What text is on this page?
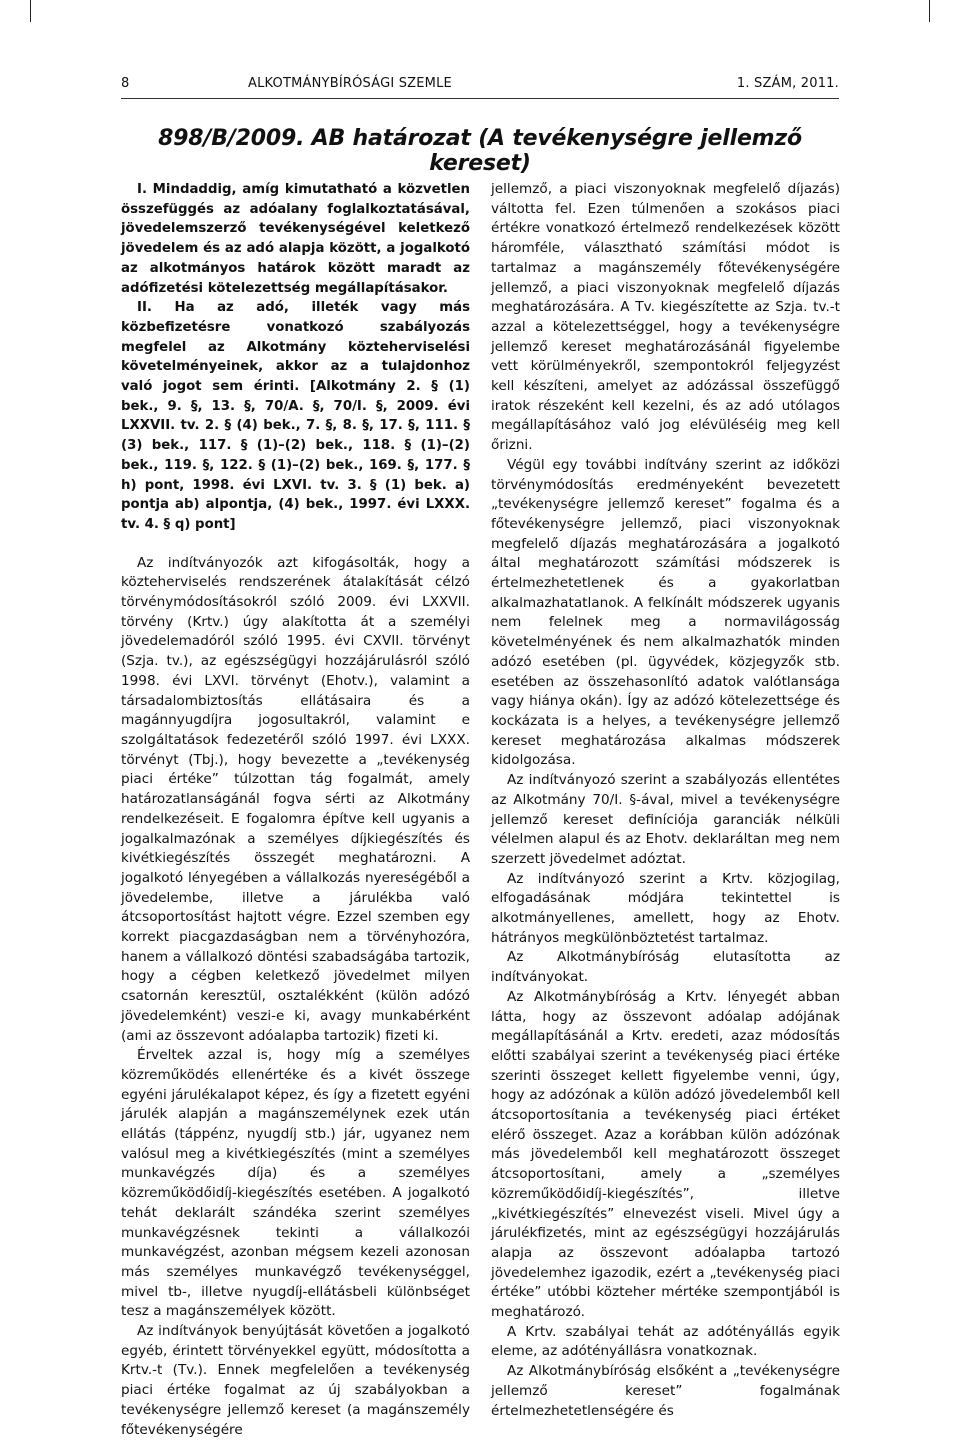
8	ALKOTMÁNYBÍRÓSÁGI SZEMLE	1. SZÁM, 2011.
898/B/2009. AB határozat (A tevékenységre jellemző kereset)

I. Mindaddig, amíg kimutatható a közvetlen összefüggés az adóalany foglalkoztatásával, jövedelemszerző tevékenységével keletkező jövedelem és az adó alapja között, a jogalkotó az alkotmányos határok között maradt az adófizetési kötelezettség megállapításakor.

II. Ha az adó, illeték vagy más közbefizetésre vonatkozó szabályozás megfelel az Alkotmány közteherviselési követelményeinek, akkor az a tulajdonhoz való jogot sem érinti. [Alkotmány 2. § (1) bek., 9. §, 13. §, 70/A. §, 70/I. §, 2009. évi LXXVII. tv. 2. § (4) bek., 7. §, 8. §, 17. §, 111. § (3) bek., 117. § (1)–(2) bek., 118. § (1)–(2) bek., 119. §, 122. § (1)–(2) bek., 169. §, 177. § h) pont, 1998. évi LXVI. tv. 3. § (1) bek. a) pontja ab) alpontja, (4) bek., 1997. évi LXXX. tv. 4. § q) pont]

Az indítványozók azt kifogásolták, hogy a közteherviselés rendszerének átalakítását célzó törvénymódosításokról szóló 2009. évi LXXVII. törvény (Krtv.) úgy alakította át a személyi jövedelemadóról szóló 1995. évi CXVII. törvényt (Szja. tv.), az egészségügyi hozzájárulásról szóló 1998. évi LXVI. törvényt (Ehotv.), valamint a társadalombiztosítás ellátásaira és a magánnyugdíjra jogosultakról, valamint e szolgáltatások fedezetéről szóló 1997. évi LXXX. törvényt (Tbj.), hogy bevezette a „tevékenység piaci értéke” túlzottan tág fogalmát, amely határozatlanságánál fogva sérti az Alkotmány rendelkezéseit. E fogalomra építve kell ugyanis a jogalkalmazónak a személyes díjkiegészítés és kivétkiegészítés összegét meghatározni. A jogalkotó lényegében a vállalkozás nyereségéből a jövedelembe, illetve a járulékba való átcsoportosítást hajtott végre. Ezzel szemben egy korrekt piacgazdaságban nem a törvényhozóra, hanem a vállalkozó döntési szabadságába tartozik, hogy a cégben keletkező jövedelmet milyen csatornán keresztül, osztalékként (külön adózó jövedelemként) veszi-e ki, avagy munkabérként (ami az összevont adóalapba tartozik) fizeti ki.

Érveltek azzal is, hogy míg a személyes közreműködés ellenértéke és a kivét összege egyéni járulékalapot képez, és így a fizetett egyéni járulék alapján a magánszemélynek ezek után ellátás (táppénz, nyugdíj stb.) jár, ugyanez nem valósul meg a kivétkiegészítés (mint a személyes munkavégzés díja) és a személyes közreműködőidíj-kiegészítés esetében. A jogalkotó tehát deklarált szándéka szerint személyes munkavégzésnek tekinti a vállalkozói munkavégzést, azonban mégsem kezeli azonosan más személyes munkavégző tevékenységgel, mivel tb-, illetve nyugdíj-ellátásbeli különbséget tesz a magánszemélyek között.

Az indítványok benyújtását követően a jogalkotó egyéb, érintett törvényekkel együtt, módosította a Krtv.-t (Tv.). Ennek megfelelően a tevékenység piaci értéke fogalmat az új szabályokban a tevékenységre jellemző kereset (a magánszemély főtevékenységére

jellemző, a piaci viszonyoknak megfelelő díjazás) váltotta fel. Ezen túlmenően a szokásos piaci értékre vonatkozó értelmező rendelkezések között háromféle, választható számítási módot is tartalmaz a magánszemély főtevékenységére jellemző, a piaci viszonyoknak megfelelő díjazás meghatározására. A Tv. kiegészítette az Szja. tv.-t azzal a kötelezettséggel, hogy a tevékenységre jellemző kereset meghatározásánál figyelembe vett körülményekről, szempontokról feljegyzést kell készíteni, amelyet az adózással összefüggő iratok részeként kell kezelni, és az adó utólagos megállapításához való jog elévüléséig meg kell őrizni.

Végül egy további indítvány szerint az időközi törvénymódosítás eredményeként bevezetett „tevékenységre jellemző kereset” fogalma és a főtevékenységre jellemző, piaci viszonyoknak megfelelő díjazás meghatározására a jogalkotó által meghatározott számítási módszerek is értelmezhetetlenek és a gyakorlatban alkalmazhatatlanok. A felkínált módszerek ugyanis nem felelnek meg a normavilágosság követelményének és nem alkalmazhatók minden adózó esetében (pl. ügyvédek, közjegyzők stb. esetében az összehasonlító adatok valótlansága vagy hiánya okán). Így az adózó kötelezettsége és kockázata is a helyes, a tevékenységre jellemző kereset meghatározása alkalmas módszerek kidolgozása.

Az indítványozó szerint a szabályozás ellentétes az Alkotmány 70/I. §-ával, mivel a tevékenységre jellemző kereset definíciója garanciák nélküli vélelmen alapul és az Ehotv. deklaráltan meg nem szerzett jövedelmet adóztat.

Az indítványozó szerint a Krtv. közjogilag, elfogadásának módjára tekintettel is alkotmányellenes, amellett, hogy az Ehotv. hátrányos megkülönböztetést tartalmaz.

Az Alkotmánybíróság elutasította az indítványokat.

Az Alkotmánybíróság a Krtv. lényegét abban látta, hogy az összevont adóalap adójának megállapításánál a Krtv. eredeti, azaz módosítás előtti szabályai szerint a tevékenység piaci értéke szerinti összeget kellett figyelembe venni, úgy, hogy az adózónak a külön adózó jövedelemből kell átcsoportosítania a tevékenység piaci értéket elérő összeget. Azaz a korábban külön adózónak más jövedelemből kell meghatározott összeget átcsoportosítani, amely a „személyes közreműködőidíj-kiegészítés”, illetve „kivétkiegészítés” elnevezést viseli. Mivel úgy a járulékfizetés, mint az egészségügyi hozzájárulás alapja az összevont adóalapba tartozó jövedelemhez igazodik, ezért a „tevékenység piaci értéke” utóbbi közteher mértéke szempontjából is meghatározó.

A Krtv. szabályai tehát az adótényállás egyik eleme, az adótényállásra vonatkoznak.

Az Alkotmánybíróság elsőként a „tevékenységre jellemző kereset” fogalmának értelmezhetetlenségére és
